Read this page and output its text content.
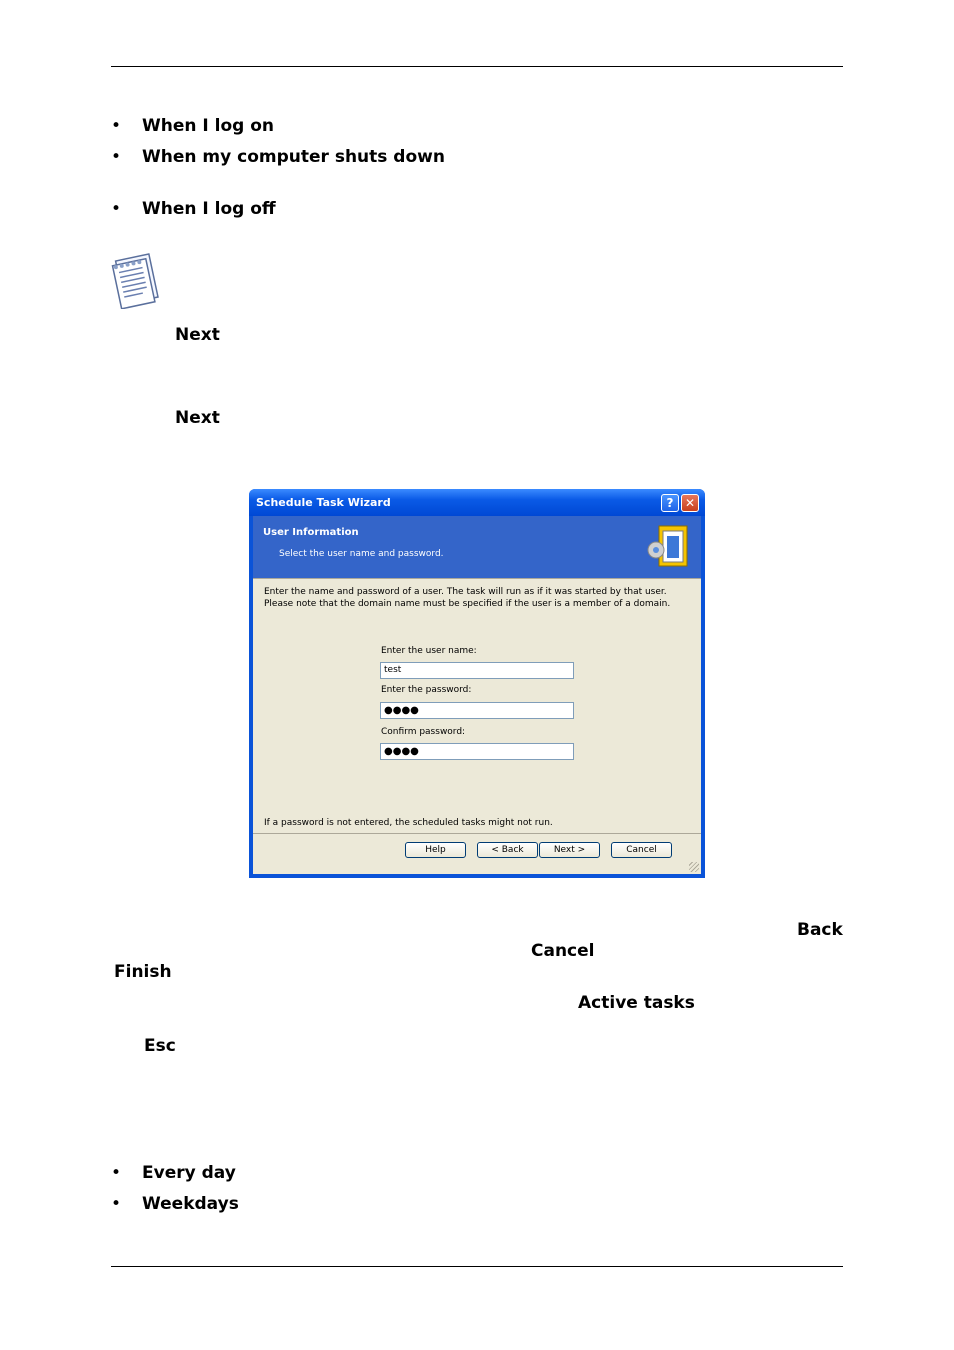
• When I log on
• When my computer shuts down
• When I log off
Next
Next
Schedule Task Wizard	? ✕
User Information
Select the user name and password.
Enter the name and password of a user. The task will run as if it was started by that user. Please note that the domain name must be specified if the user is a member of a domain.
Enter the user name:
test
Enter the password:
●●●●
Confirm password:
●●●●
If a password is not entered, the scheduled tasks might not run.
Help	< Back	Next >	Cancel
Back
Cancel
Finish
Active tasks
Esc
• Every day
• Weekdays
